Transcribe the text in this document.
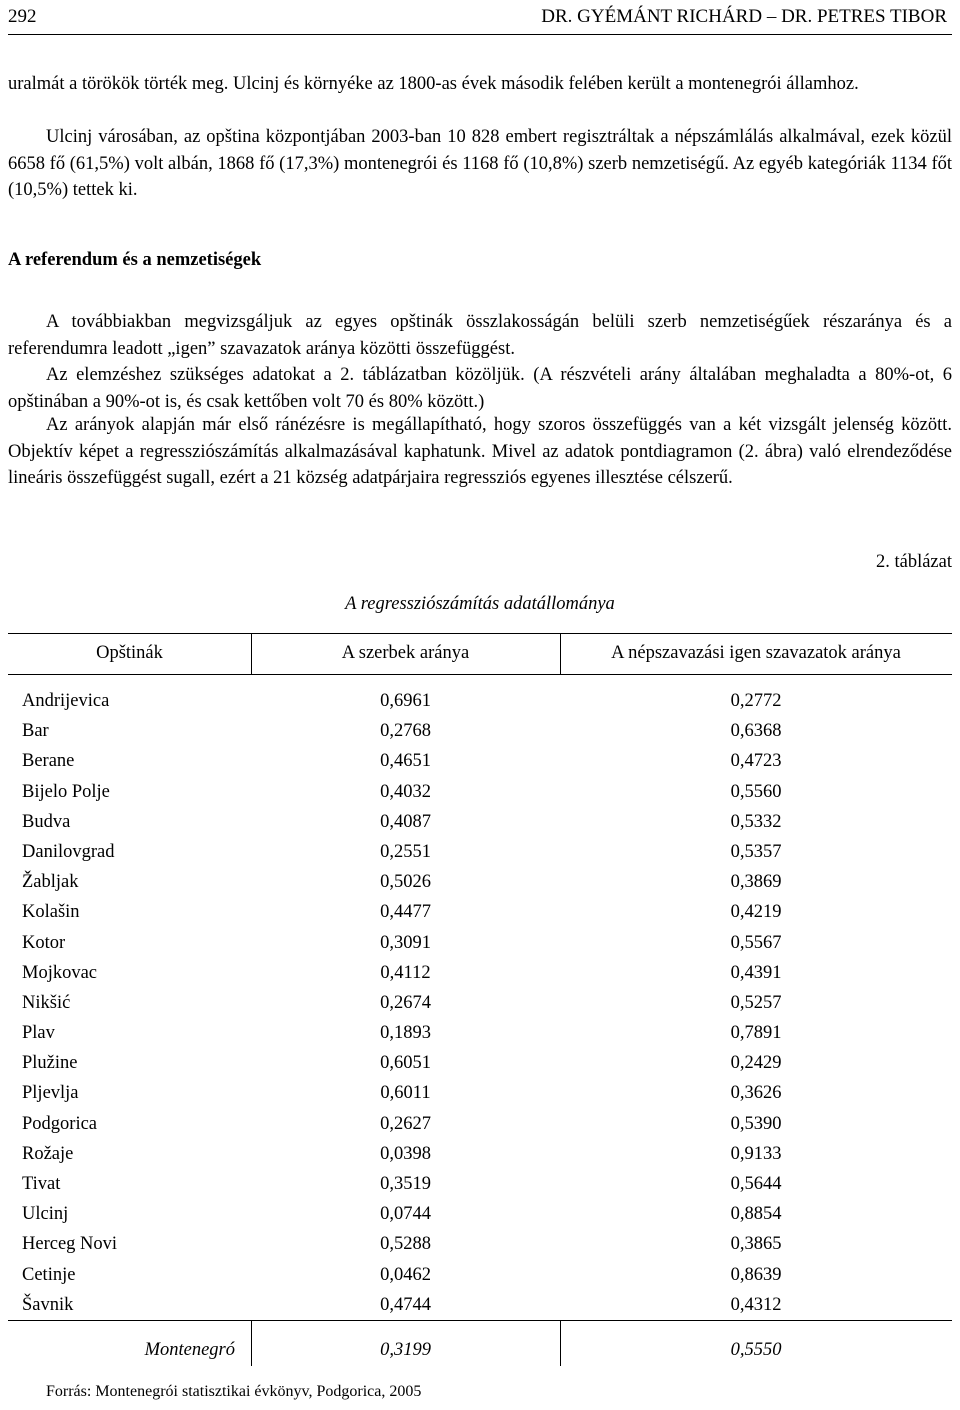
292	DR. GYÉMÁNT RICHÁRD – DR. PETRES TIBOR

uralmát a törökök törték meg. Ulcinj és környéke az 1800-as évek második felében került a montenegrói államhoz.

Ulcinj városában, az opština központjában 2003-ban 10 828 embert regisztráltak a népszámlálás alkalmával, ezek közül 6658 fő (61,5%) volt albán, 1868 fő (17,3%) montenegrói és 1168 fő (10,8%) szerb nemzetiségű. Az egyéb kategóriák 1134 főt (10,5%) tettek ki.

A referendum és a nemzetiségek

A továbbiakban megvizsgáljuk az egyes opštinák összlakosságán belüli szerb nemzetiségűek részaránya és a referendumra leadott „igen” szavazatok aránya közötti összefüggést.

Az elemzéshez szükséges adatokat a 2. táblázatban közöljük. (A részvételi arány általában meghaladta a 80%-ot, 6 opštinában a 90%-ot is, és csak kettőben volt 70 és 80% között.)

Az arányok alapján már első ránézésre is megállapítható, hogy szoros összefüggés van a két vizsgált jelenség között. Objektív képet a regressziószámítás alkalmazásával kaphatunk. Mivel az adatok pontdiagramon (2. ábra) való elrendeződése lineáris összefüggést sugall, ezért a 21 község adatpárjaira regressziós egyenes illesztése célszerű.

2. táblázat
A regressziószámítás adatállománya
Opštinák	A szerbek aránya	A népszavazási igen szavazatok aránya
Andrijevica	0,6961	0,2772
Bar	0,2768	0,6368
Berane	0,4651	0,4723
Bijelo Polje	0,4032	0,5560
Budva	0,4087	0,5332
Danilovgrad	0,2551	0,5357
Žabljak	0,5026	0,3869
Kolašin	0,4477	0,4219
Kotor	0,3091	0,5567
Mojkovac	0,4112	0,4391
Nikšić	0,2674	0,5257
Plav	0,1893	0,7891
Plužine	0,6051	0,2429
Pljevlja	0,6011	0,3626
Podgorica	0,2627	0,5390
Rožaje	0,0398	0,9133
Tivat	0,3519	0,5644
Ulcinj	0,0744	0,8854
Herceg Novi	0,5288	0,3865
Cetinje	0,0462	0,8639
Šavnik	0,4744	0,4312
Montenegró	0,3199	0,5550
Forrás: Montenegrói statisztikai évkönyv, Podgorica, 2005
